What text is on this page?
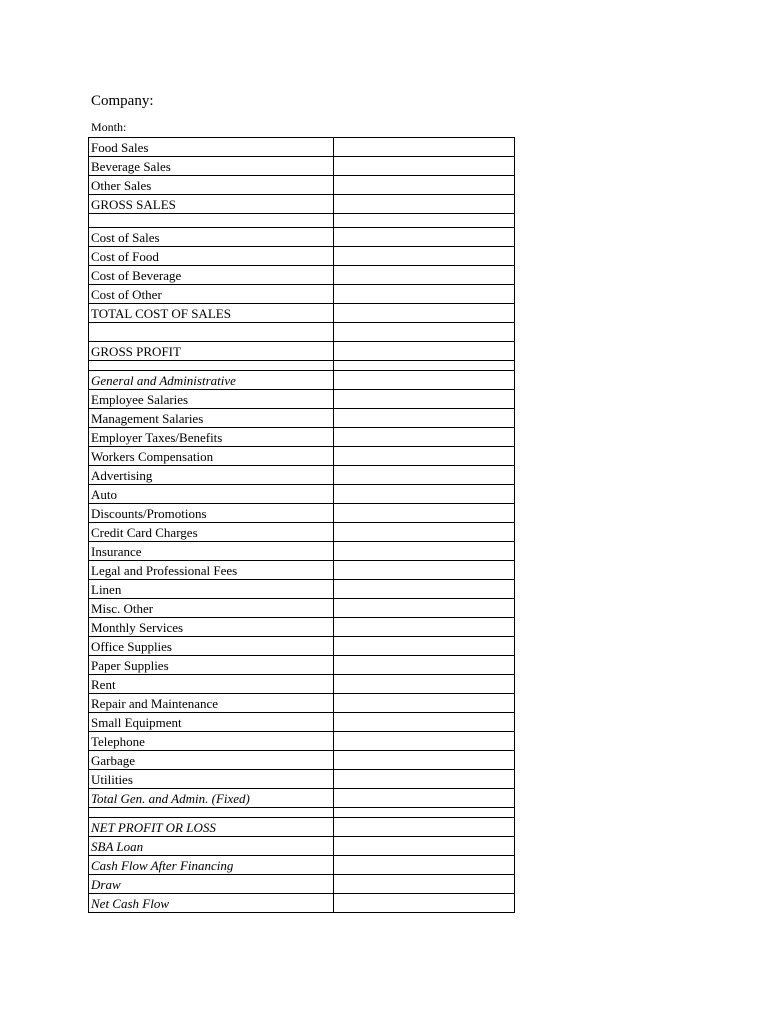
Company:
Month:
Food Sales	
Beverage Sales	
Other Sales	
GROSS SALES	

Cost of Sales	
Cost of Food	
Cost of Beverage	
Cost of Other	
TOTAL COST OF SALES	

GROSS PROFIT	

General and Administrative	
Employee Salaries	
Management Salaries	
Employer Taxes/Benefits	
Workers Compensation	
Advertising	
Auto	
Discounts/Promotions	
Credit Card Charges	
Insurance	
Legal and Professional Fees	
Linen	
Misc. Other	
Monthly Services	
Office Supplies	
Paper Supplies	
Rent	
Repair and Maintenance	
Small Equipment	
Telephone	
Garbage	
Utilities	
Total Gen. and Admin. (Fixed)	

NET PROFIT OR LOSS	
SBA Loan	
Cash Flow After Financing	
Draw	
Net Cash Flow	
